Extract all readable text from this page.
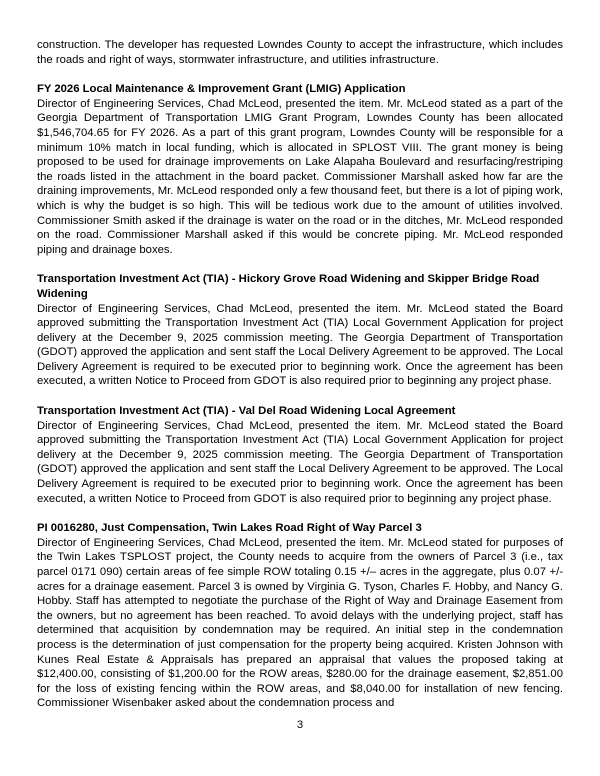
construction. The developer has requested Lowndes County to accept the infrastructure, which includes the roads and right of ways, stormwater infrastructure, and utilities infrastructure.

FY 2026 Local Maintenance & Improvement Grant (LMIG) Application

Director of Engineering Services, Chad McLeod, presented the item. Mr. McLeod stated as a part of the Georgia Department of Transportation LMIG Grant Program, Lowndes County has been allocated $1,546,704.65 for FY 2026. As a part of this grant program, Lowndes County will be responsible for a minimum 10% match in local funding, which is allocated in SPLOST VIII. The grant money is being proposed to be used for drainage improvements on Lake Alapaha Boulevard and resurfacing/restriping the roads listed in the attachment in the board packet. Commissioner Marshall asked how far are the draining improvements, Mr. McLeod responded only a few thousand feet, but there is a lot of piping work, which is why the budget is so high. This will be tedious work due to the amount of utilities involved. Commissioner Smith asked if the drainage is water on the road or in the ditches, Mr. McLeod responded on the road. Commissioner Marshall asked if this would be concrete piping. Mr. McLeod responded piping and drainage boxes.

Transportation Investment Act (TIA) - Hickory Grove Road Widening and Skipper Bridge Road Widening

Director of Engineering Services, Chad McLeod, presented the item. Mr. McLeod stated the Board approved submitting the Transportation Investment Act (TIA) Local Government Application for project delivery at the December 9, 2025 commission meeting. The Georgia Department of Transportation (GDOT) approved the application and sent staff the Local Delivery Agreement to be approved. The Local Delivery Agreement is required to be executed prior to beginning work. Once the agreement has been executed, a written Notice to Proceed from GDOT is also required prior to beginning any project phase.

Transportation Investment Act (TIA) - Val Del Road Widening Local Agreement

Director of Engineering Services, Chad McLeod, presented the item. Mr. McLeod stated the Board approved submitting the Transportation Investment Act (TIA) Local Government Application for project delivery at the December 9, 2025 commission meeting. The Georgia Department of Transportation (GDOT) approved the application and sent staff the Local Delivery Agreement to be approved. The Local Delivery Agreement is required to be executed prior to beginning work. Once the agreement has been executed, a written Notice to Proceed from GDOT is also required prior to beginning any project phase.

PI 0016280, Just Compensation, Twin Lakes Road Right of Way Parcel 3

Director of Engineering Services, Chad McLeod, presented the item. Mr. McLeod stated for purposes of the Twin Lakes TSPLOST project, the County needs to acquire from the owners of Parcel 3 (i.e., tax parcel 0171 090) certain areas of fee simple ROW totaling 0.15 +/– acres in the aggregate, plus 0.07 +/- acres for a drainage easement. Parcel 3 is owned by Virginia G. Tyson, Charles F. Hobby, and Nancy G. Hobby. Staff has attempted to negotiate the purchase of the Right of Way and Drainage Easement from the owners, but no agreement has been reached. To avoid delays with the underlying project, staff has determined that acquisition by condemnation may be required. An initial step in the condemnation process is the determination of just compensation for the property being acquired. Kristen Johnson with Kunes Real Estate & Appraisals has prepared an appraisal that values the proposed taking at $12,400.00, consisting of $1,200.00 for the ROW areas, $280.00 for the drainage easement, $2,851.00 for the loss of existing fencing within the ROW areas, and $8,040.00 for installation of new fencing. Commissioner Wisenbaker asked about the condemnation process and

3
